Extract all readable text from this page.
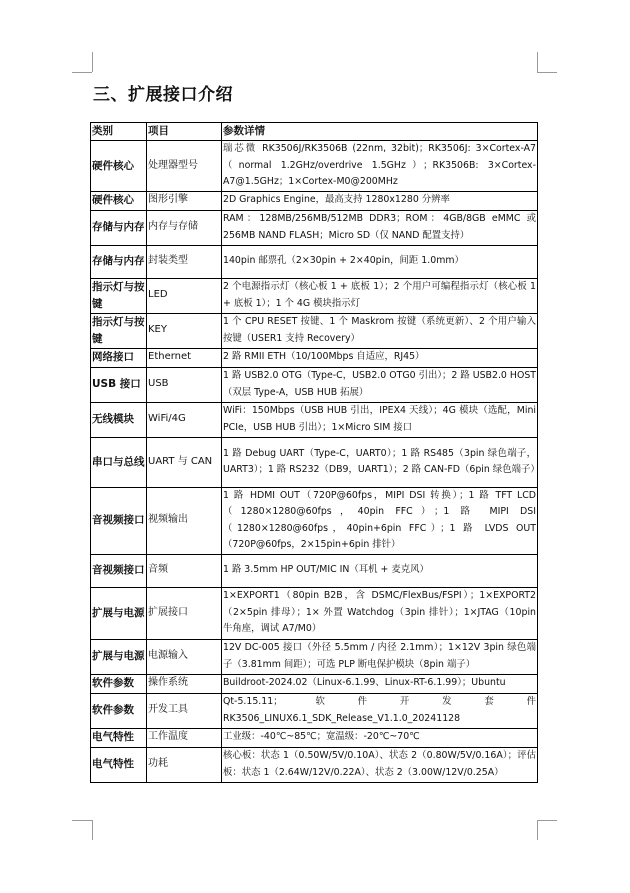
三、扩展接口介绍
类别	项目	参数详情
硬件核心	处理器型号	瑞芯微 RK3506J/RK3506B (22nm, 32bit)；RK3506J: 3×Cortex-A7（normal 1.2GHz/overdrive 1.5GHz）；RK3506B: 3×Cortex-A7@1.5GHz；1×Cortex-M0@200MHz
硬件核心	图形引擎	2D Graphics Engine，最高支持 1280x1280 分辨率
存储与内存	内存与存储	RAM：128MB/256MB/512MB DDR3；ROM：4GB/8GB eMMC 或 256MB NAND FLASH；Micro SD（仅 NAND 配置支持）
存储与内存	封装类型	140pin 邮票孔（2×30pin + 2×40pin，间距 1.0mm）
指示灯与按键	LED	2 个电源指示灯（核心板 1 + 底板 1）；2 个用户可编程指示灯（核心板 1 + 底板 1）；1 个 4G 模块指示灯
指示灯与按键	KEY	1 个 CPU RESET 按键、1 个 Maskrom 按键（系统更新）、2 个用户输入按键（USER1 支持 Recovery）
网络接口	Ethernet	2 路 RMII ETH（10/100Mbps 自适应，RJ45）
USB 接口	USB	1 路 USB2.0 OTG（Type-C，USB2.0 OTG0 引出）；2 路 USB2.0 HOST（双层 Type-A，USB HUB 拓展）
无线模块	WiFi/4G	WiFi：150Mbps（USB HUB 引出，IPEX4 天线）；4G 模块（选配，Mini PCIe，USB HUB 引出）；1×Micro SIM 接口
串口与总线	UART 与 CAN	1 路 Debug UART（Type-C，UART0）；1 路 RS485（3pin 绿色端子，UART3）；1 路 RS232（DB9，UART1）；2 路 CAN-FD（6pin 绿色端子）
音视频接口	视频输出	1 路 HDMI OUT（720P@60fps，MIPI DSI 转换）；1 路 TFT LCD（1280×1280@60fps，40pin FFC）；1 路 MIPI DSI（1280×1280@60fps，40pin+6pin FFC）；1 路 LVDS OUT（720P@60fps，2×15pin+6pin 排针）
音视频接口	音频	1 路 3.5mm HP OUT/MIC IN（耳机 + 麦克风）
扩展与电源	扩展接口	1×EXPORT1（80pin B2B，含 DSMC/FlexBus/FSPI）；1×EXPORT2（2×5pin 排母）；1× 外置 Watchdog（3pin 排针）；1×JTAG（10pin 牛角座，调试 A7/M0）
扩展与电源	电源输入	12V DC-005 接口（外径 5.5mm / 内径 2.1mm）；1×12V 3pin 绿色端子（3.81mm 间距）；可选 PLP 断电保护模块（8pin 端子）
软件参数	操作系统	Buildroot-2024.02（Linux-6.1.99、Linux-RT-6.1.99）；Ubuntu
软件参数	开发工具	Qt-5.15.11；软件开发套件 RK3506_LINUX6.1_SDK_Release_V1.1.0_20241128
电气特性	工作温度	工业级：-40℃~85℃；宽温级：-20℃~70℃
电气特性	功耗	核心板：状态 1（0.50W/5V/0.10A）、状态 2（0.80W/5V/0.16A）；评估板：状态 1（2.64W/12V/0.22A）、状态 2（3.00W/12V/0.25A）
